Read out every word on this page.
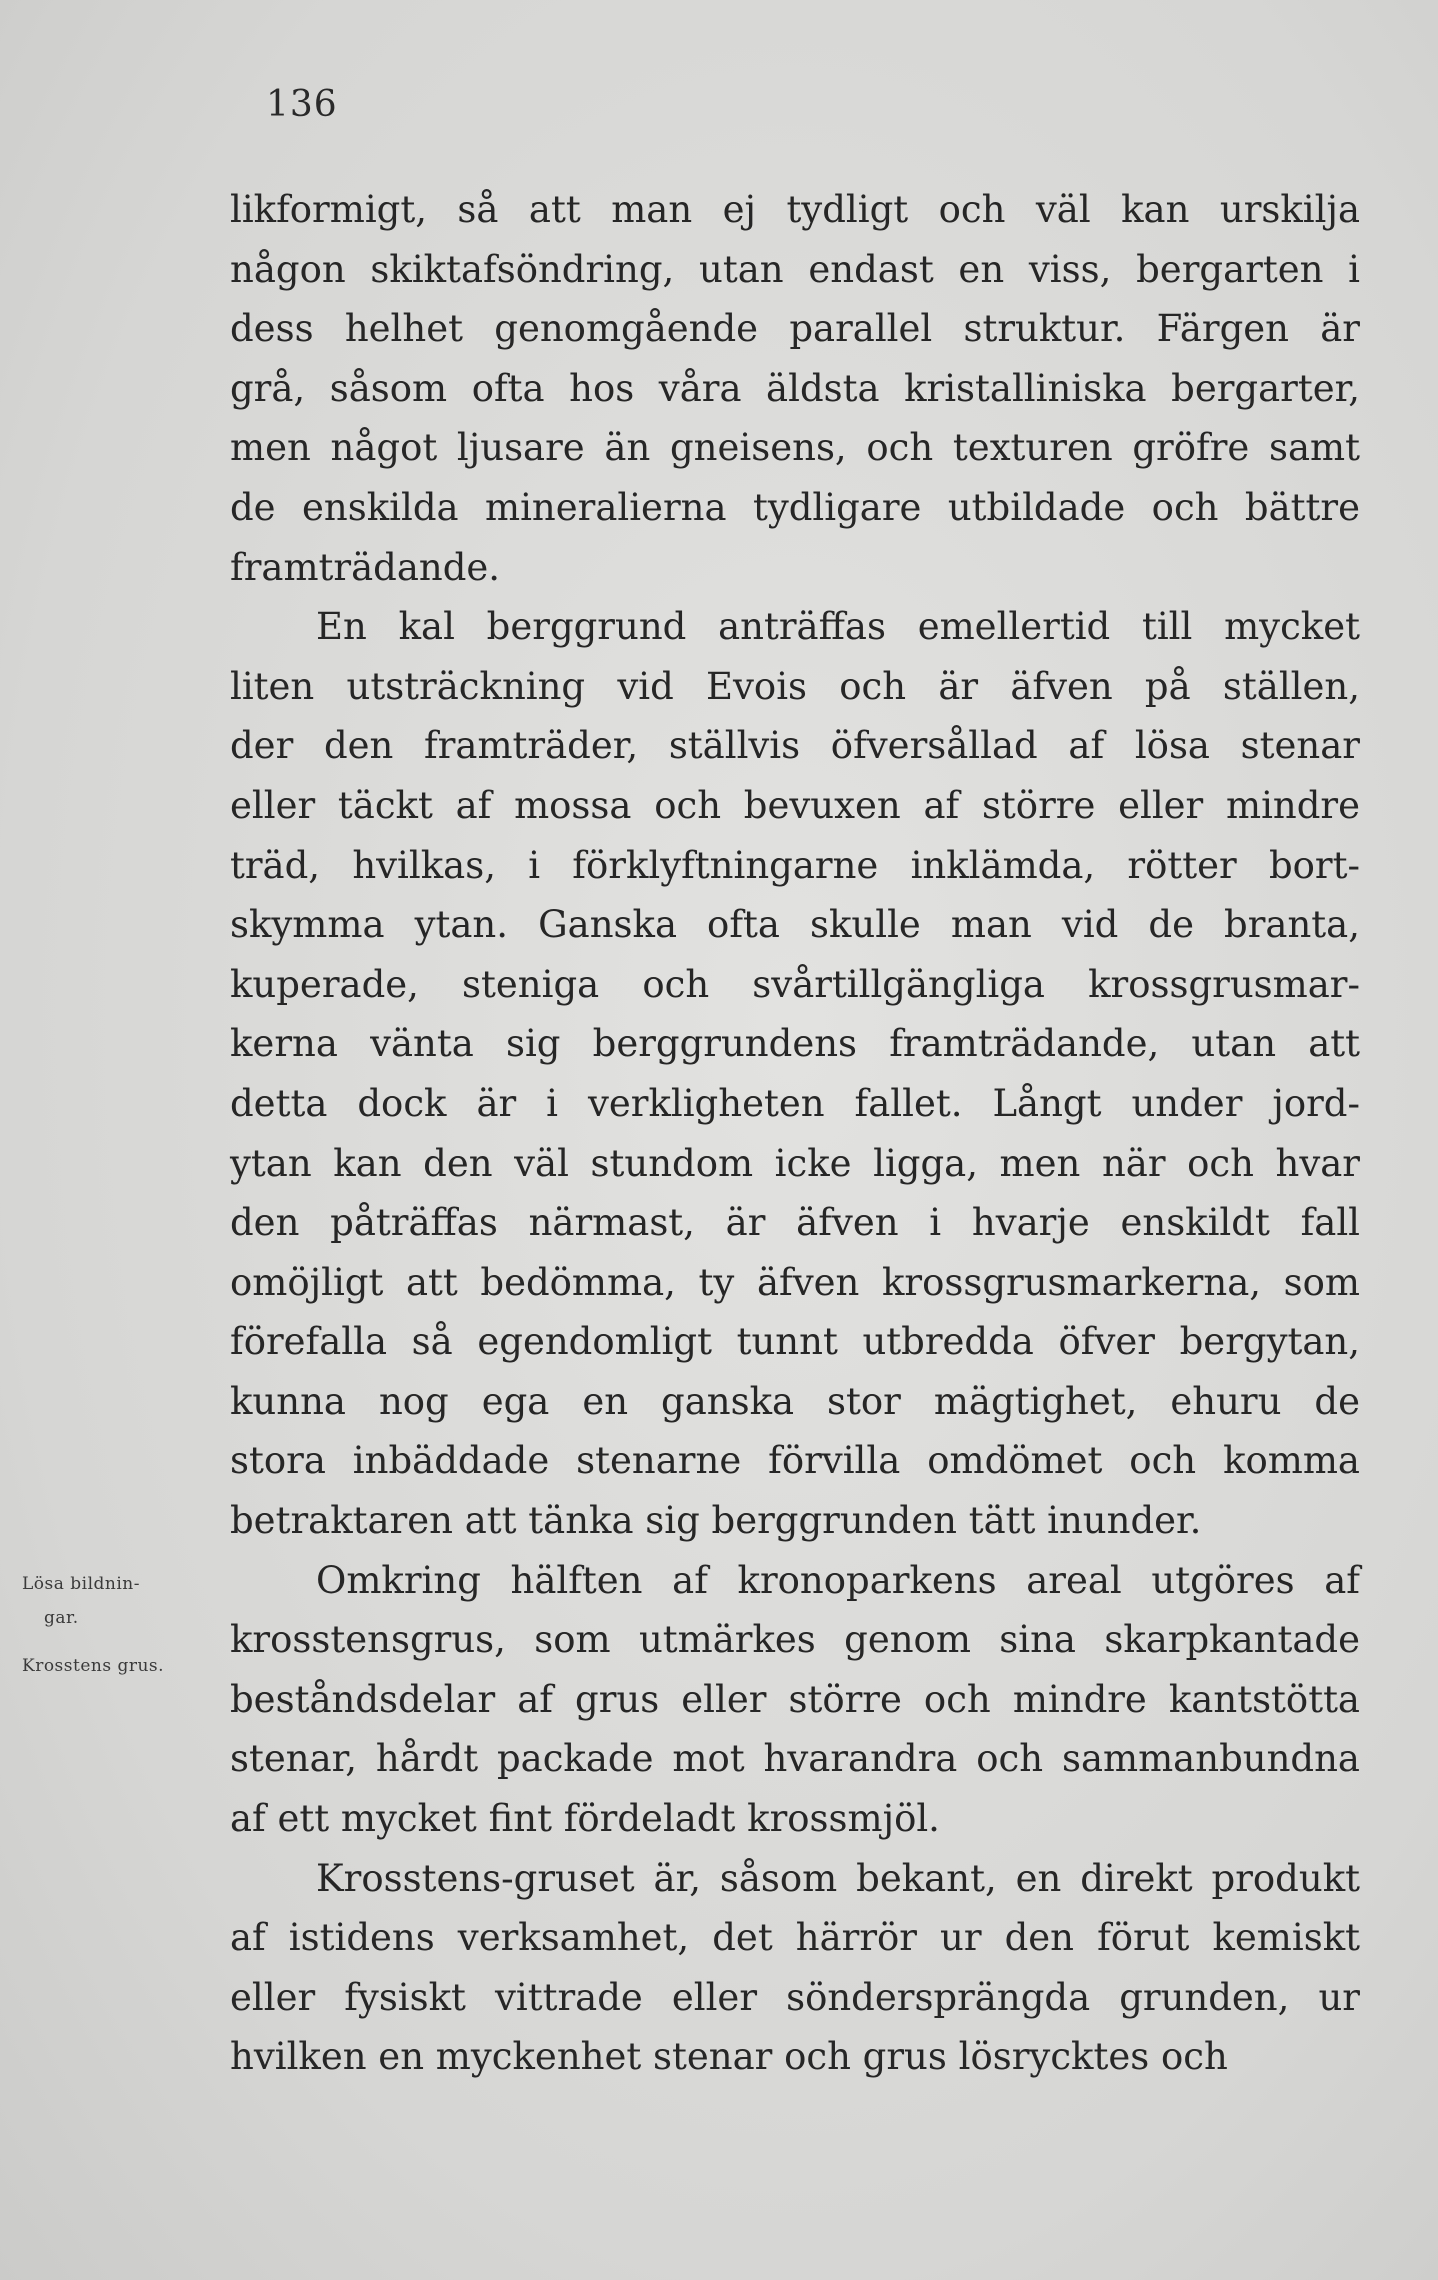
136
Lösa bildnin-
gar.
Krosstens grus.
likformigt, så att man ej tydligt och väl kan urskilja
någon skiktafsöndring, utan endast en viss, bergarten i
dess helhet genomgående parallel struktur. Färgen är
grå, såsom ofta hos våra äldsta kristalliniska bergarter,
men något ljusare än gneisens, och texturen gröfre samt
de enskilda mineralierna tydligare utbildade och bättre
framträdande.
En kal berggrund anträffas emellertid till mycket
liten utsträckning vid Evois och är äfven på ställen,
der den framträder, ställvis öfversållad af lösa stenar
eller täckt af mossa och bevuxen af större eller mindre
träd, hvilkas, i förklyftningarne inklämda, rötter bort-
skymma ytan. Ganska ofta skulle man vid de branta,
kuperade, steniga och svårtillgängliga krossgrusmar-
kerna vänta sig berggrundens framträdande, utan att
detta dock är i verkligheten fallet. Långt under jord-
ytan kan den väl stundom icke ligga, men när och hvar
den påträffas närmast, är äfven i hvarje enskildt fall
omöjligt att bedömma, ty äfven krossgrusmarkerna, som
förefalla så egendomligt tunnt utbredda öfver bergytan,
kunna nog ega en ganska stor mägtighet, ehuru de
stora inbäddade stenarne förvilla omdömet och komma
betraktaren att tänka sig berggrunden tätt inunder.
Omkring hälften af kronoparkens areal utgöres af
krosstensgrus, som utmärkes genom sina skarpkantade
beståndsdelar af grus eller större och mindre kantstötta
stenar, hårdt packade mot hvarandra och sammanbundna
af ett mycket fint fördeladt krossmjöl.
Krosstens-gruset är, såsom bekant, en direkt produkt
af istidens verksamhet, det härrör ur den förut kemiskt
eller fysiskt vittrade eller söndersprängda grunden, ur
hvilken en myckenhet stenar och grus lösrycktes och
